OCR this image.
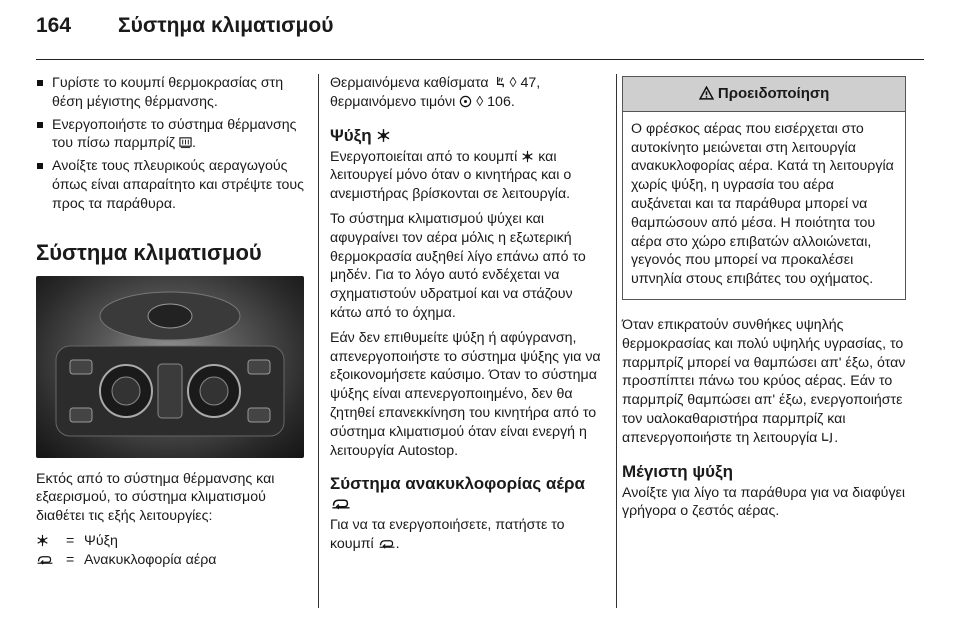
164 Σύστημα κλιματισμού
Γυρίστε το κουμπί θερμοκρασίας στη θέση μέγιστης θέρμανσης.
Ενεργοποιήστε το σύστημα θέρμανσης του πίσω παρμπρίζ .
Ανοίξτε τους πλευρικούς αεραγωγούς όπως είναι απαραίτητο και στρέψτε τους προς τα παράθυρα.
Σύστημα κλιματισμού
Εκτός από το σύστημα θέρμανσης και εξαερισμού, το σύστημα κλιματισμού διαθέτει τις εξής λειτουργίες:
= Ψύξη
= Ανακυκλοφορία αέρα
Θερμαινόμενα καθίσματα ◊ 47,
θερμαινόμενο τιμόνι ◊ 106.
Ψύξη
Ενεργοποιείται από το κουμπί και λειτουργεί μόνο όταν ο κινητήρας και ο ανεμιστήρας βρίσκονται σε λειτουργία.
Το σύστημα κλιματισμού ψύχει και αφυγραίνει τον αέρα μόλις η εξωτερική θερμοκρασία αυξηθεί λίγο επάνω από το μηδέν. Για το λόγο αυτό ενδέχεται να σχηματιστούν υδρατμοί και να στάζουν κάτω από το όχημα.
Εάν δεν επιθυμείτε ψύξη ή αφύγρανση, απενεργοποιήστε το σύστημα ψύξης για να εξοικονομήσετε καύσιμο. Όταν το σύστημα ψύξης είναι απενεργοποιημένο, δεν θα ζητηθεί επανεκκίνηση του κινητήρα από το σύστημα κλιματισμού όταν είναι ενεργή η λειτουργία Autostop.
Σύστημα ανακυκλοφορίας αέρα
Για να τα ενεργοποιήσετε, πατήστε το κουμπί .
Προειδοποίηση
Ο φρέσκος αέρας που εισέρχεται στο αυτοκίνητο μειώνεται στη λειτουργία ανακυκλοφορίας αέρα. Κατά τη λειτουργία χωρίς ψύξη, η υγρασία του αέρα αυξάνεται και τα παράθυρα μπορεί να θαμπώσουν από μέσα. Η ποιότητα του αέρα στο χώρο επιβατών αλλοιώνεται, γεγονός που μπορεί να προκαλέσει υπνηλία στους επιβάτες του οχήματος.
Όταν επικρατούν συνθήκες υψηλής θερμοκρασίας και πολύ υψηλής υγρασίας, το παρμπρίζ μπορεί να θαμπώσει απ' έξω, όταν προσπίπτει πάνω του κρύος αέρας. Εάν το παρμπρίζ θαμπώσει απ' έξω, ενεργοποιήστε τον υαλοκαθαριστήρα παρμπρίζ και απενεργοποιήστε τη λειτουργία .
Μέγιστη ψύξη
Ανοίξτε για λίγο τα παράθυρα για να διαφύγει γρήγορα ο ζεστός αέρας.
